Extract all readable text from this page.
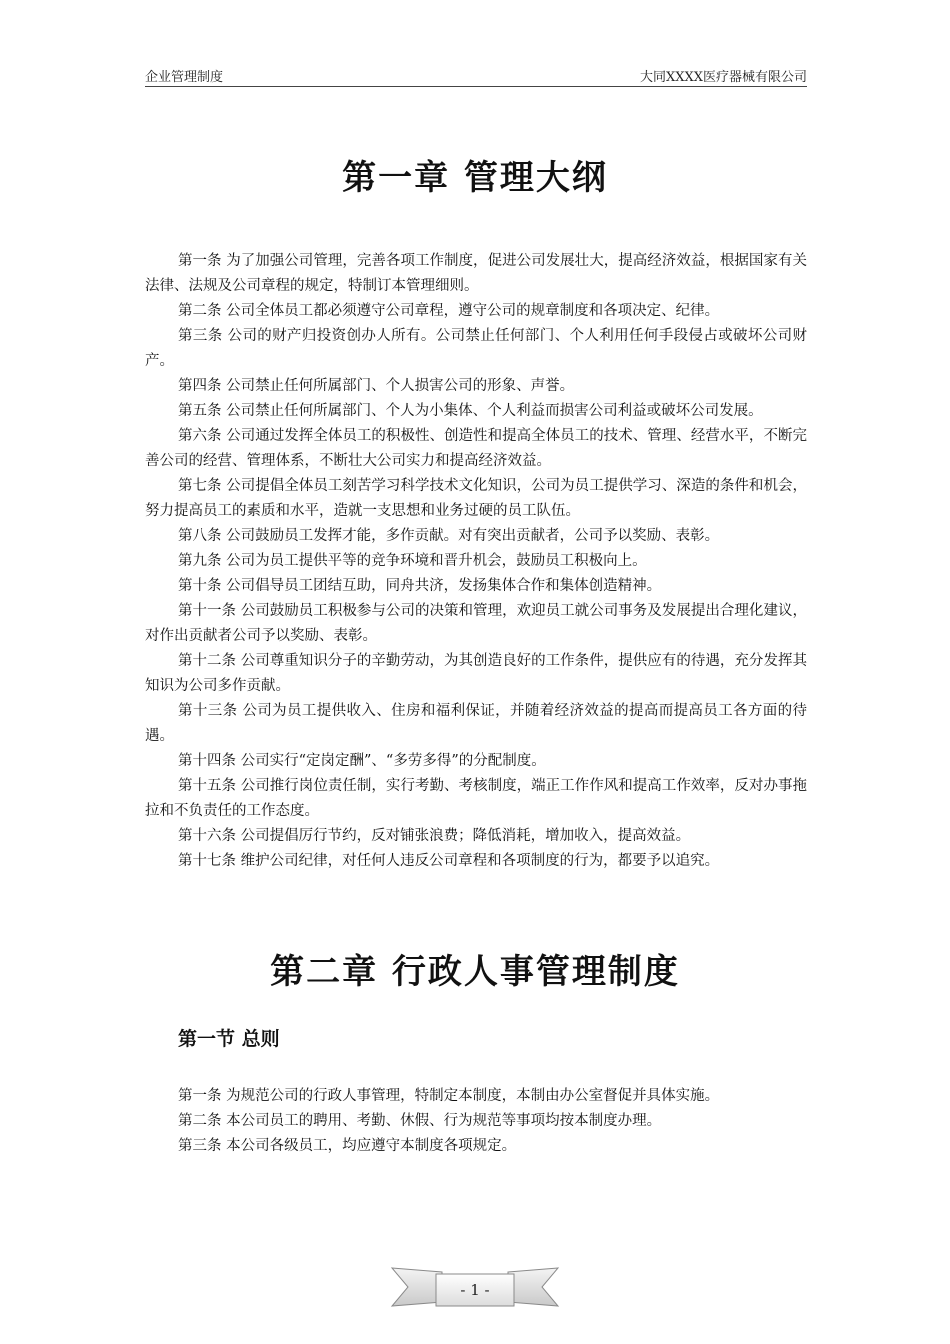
企业管理制度	大同XXXX医疗器械有限公司
第一章 管理大纲

第一条 为了加强公司管理，完善各项工作制度，促进公司发展壮大，提高经济效益，根据国家有关法律、法规及公司章程的规定，特制订本管理细则。

第二条 公司全体员工都必须遵守公司章程，遵守公司的规章制度和各项决定、纪律。

第三条 公司的财产归投资创办人所有。公司禁止任何部门、个人利用任何手段侵占或破坏公司财产。

第四条 公司禁止任何所属部门、个人损害公司的形象、声誉。

第五条 公司禁止任何所属部门、个人为小集体、个人利益而损害公司利益或破坏公司发展。

第六条 公司通过发挥全体员工的积极性、创造性和提高全体员工的技术、管理、经营水平，不断完善公司的经营、管理体系，不断壮大公司实力和提高经济效益。

第七条 公司提倡全体员工刻苦学习科学技术文化知识，公司为员工提供学习、深造的条件和机会，努力提高员工的素质和水平，造就一支思想和业务过硬的员工队伍。

第八条 公司鼓励员工发挥才能，多作贡献。对有突出贡献者，公司予以奖励、表彰。

第九条 公司为员工提供平等的竞争环境和晋升机会，鼓励员工积极向上。

第十条 公司倡导员工团结互助，同舟共济，发扬集体合作和集体创造精神。

第十一条 公司鼓励员工积极参与公司的决策和管理，欢迎员工就公司事务及发展提出合理化建议，对作出贡献者公司予以奖励、表彰。

第十二条 公司尊重知识分子的辛勤劳动，为其创造良好的工作条件，提供应有的待遇，充分发挥其知识为公司多作贡献。

第十三条 公司为员工提供收入、住房和福利保证，并随着经济效益的提高而提高员工各方面的待遇。

第十四条 公司实行“定岗定酬”、“多劳多得”的分配制度。

第十五条 公司推行岗位责任制，实行考勤、考核制度，端正工作作风和提高工作效率，反对办事拖拉和不负责任的工作态度。

第十六条 公司提倡厉行节约，反对铺张浪费；降低消耗，增加收入，提高效益。

第十七条 维护公司纪律，对任何人违反公司章程和各项制度的行为，都要予以追究。

第二章 行政人事管理制度
第一节 总则

第一条 为规范公司的行政人事管理，特制定本制度，本制由办公室督促并具体实施。

第二条 本公司员工的聘用、考勤、休假、行为规范等事项均按本制度办理。

第三条 本公司各级员工，均应遵守本制度各项规定。

- 1 -
